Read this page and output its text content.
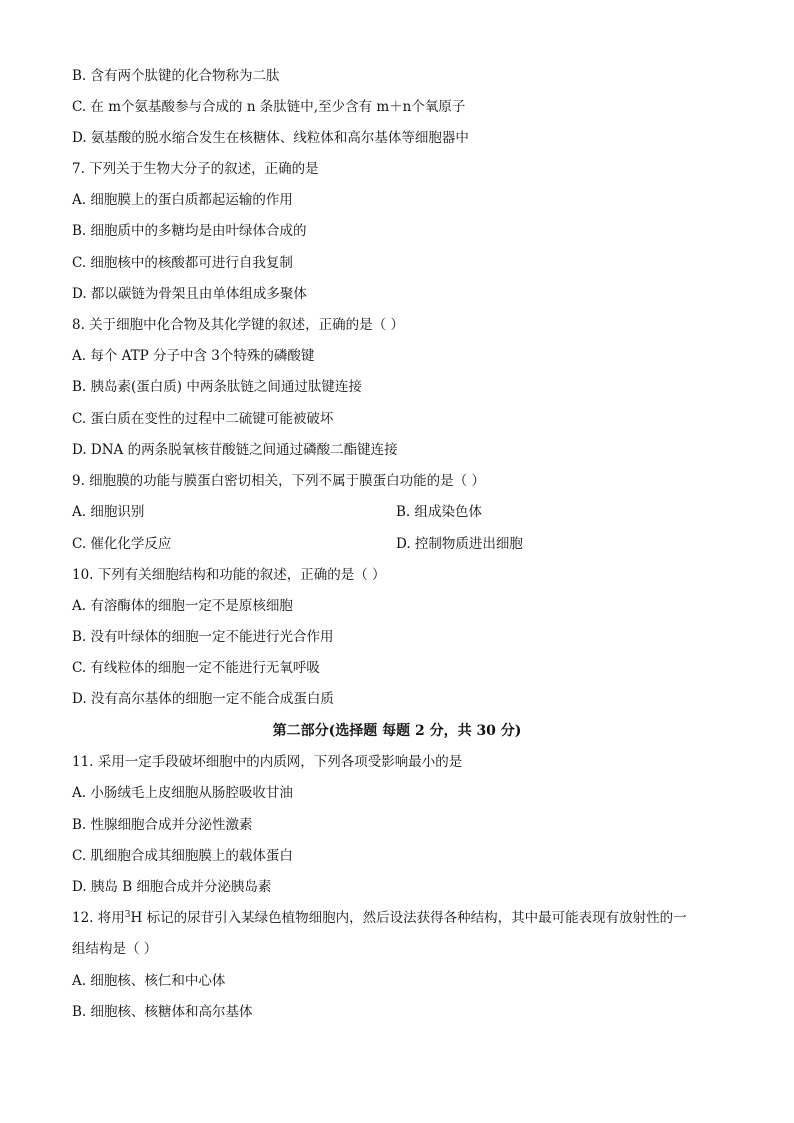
B. 含有两个肽键的化合物称为二肽
C. 在 m个氨基酸参与合成的 n 条肽链中,至少含有 m＋n个氧原子
D. 氨基酸的脱水缩合发生在核糖体、线粒体和高尔基体等细胞器中
7. 下列关于生物大分子的叙述，正确的是
A. 细胞膜上的蛋白质都起运输的作用
B. 细胞质中的多糖均是由叶绿体合成的
C. 细胞核中的核酸都可进行自我复制
D. 都以碳链为骨架且由单体组成多聚体
8. 关于细胞中化合物及其化学键的叙述，正确的是（ ）
A. 每个 ATP 分子中含 3个特殊的磷酸键
B. 胰岛素(蛋白质) 中两条肽链之间通过肽键连接
C. 蛋白质在变性的过程中二硫键可能被破坏
D. DNA 的两条脱氧核苷酸链之间通过磷酸二酯键连接
9. 细胞膜的功能与膜蛋白密切相关，下列不属于膜蛋白功能的是（ ）
A. 细胞识别	B. 组成染色体
C. 催化化学反应	D. 控制物质进出细胞
10. 下列有关细胞结构和功能的叙述，正确的是（ ）
A. 有溶酶体的细胞一定不是原核细胞
B. 没有叶绿体的细胞一定不能进行光合作用
C. 有线粒体的细胞一定不能进行无氧呼吸
D. 没有高尔基体的细胞一定不能合成蛋白质
第二部分(选择题 每题 2 分，共 30 分)
11. 采用一定手段破坏细胞中的内质网，下列各项受影响最小的是
A. 小肠绒毛上皮细胞从肠腔吸收甘油
B. 性腺细胞合成并分泌性激素
C. 肌细胞合成其细胞膜上的载体蛋白
D. 胰岛 B 细胞合成并分泌胰岛素
12. 将用$^3$H 标记的尿苷引入某绿色植物细胞内，然后设法获得各种结构，其中最可能表现有放射性的一
组结构是（ ）
A. 细胞核、核仁和中心体
B. 细胞核、核糖体和高尔基体
